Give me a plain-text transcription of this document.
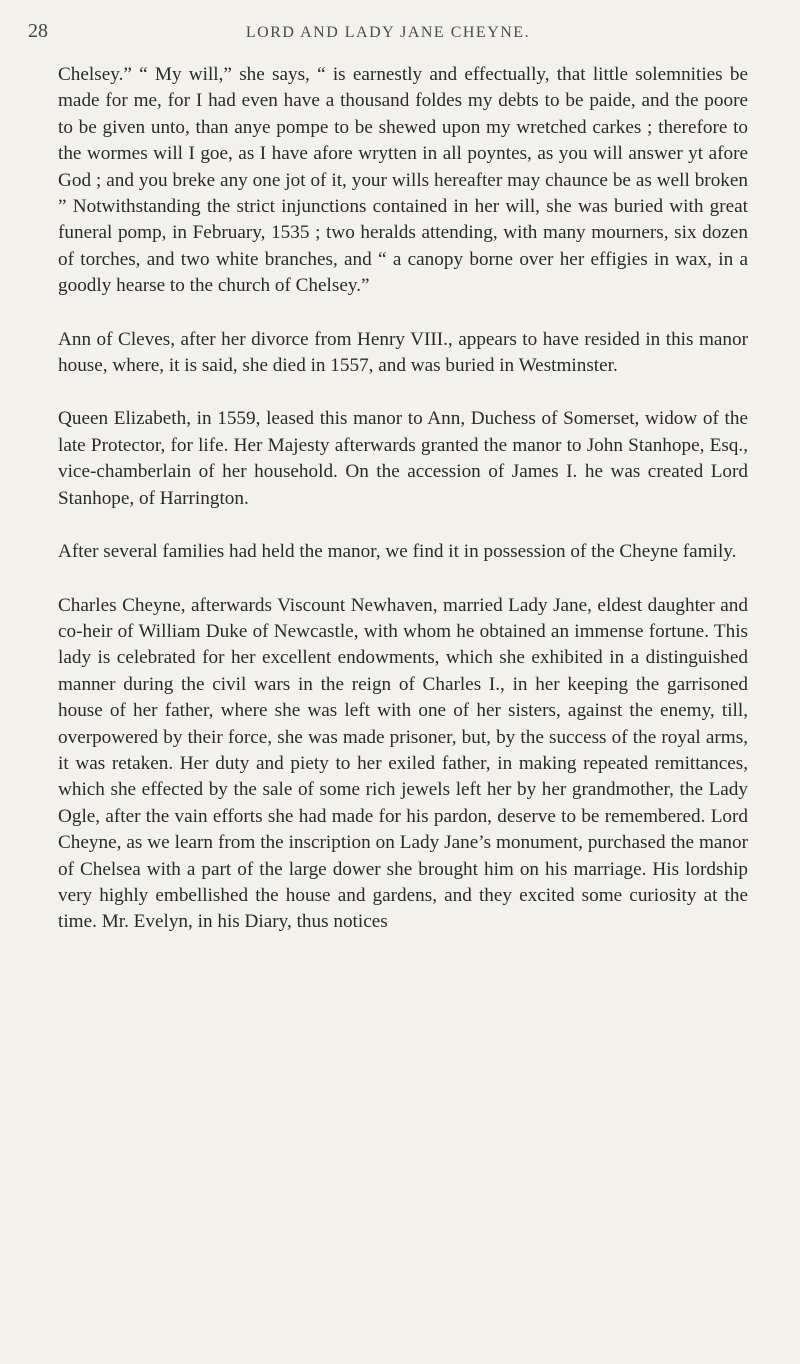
28	LORD AND LADY JANE CHEYNE.

Chelsey.” “ My will,” she says, “ is earnestly and effectually, that little solemnities be made for me, for I had even have a thousand foldes my debts to be paide, and the poore to be given unto, than anye pompe to be shewed upon my wretched carkes ; therefore to the wormes will I goe, as I have afore wrytten in all poyntes, as you will answer yt afore God ; and you breke any one jot of it, your wills hereafter may chaunce be as well broken ” Notwithstanding the strict injunctions contained in her will, she was buried with great funeral pomp, in February, 1535 ; two heralds attending, with many mourners, six dozen of torches, and two white branches, and “ a canopy borne over her effigies in wax, in a goodly hearse to the church of Chelsey.”

Ann of Cleves, after her divorce from Henry VIII., appears to have resided in this manor house, where, it is said, she died in 1557, and was buried in Westminster.

Queen Elizabeth, in 1559, leased this manor to Ann, Duchess of Somerset, widow of the late Protector, for life. Her Majesty afterwards granted the manor to John Stanhope, Esq., vice-chamberlain of her household. On the accession of James I. he was created Lord Stanhope, of Harrington.

After several families had held the manor, we find it in possession of the Cheyne family.

Charles Cheyne, afterwards Viscount Newhaven, married Lady Jane, eldest daughter and co-heir of William Duke of Newcastle, with whom he obtained an immense fortune. This lady is celebrated for her excellent endowments, which she exhibited in a distinguished manner during the civil wars in the reign of Charles I., in her keeping the garrisoned house of her father, where she was left with one of her sisters, against the enemy, till, overpowered by their force, she was made prisoner, but, by the success of the royal arms, it was retaken. Her duty and piety to her exiled father, in making repeated remittances, which she effected by the sale of some rich jewels left her by her grandmother, the Lady Ogle, after the vain efforts she had made for his pardon, deserve to be remembered. Lord Cheyne, as we learn from the inscription on Lady Jane’s monument, purchased the manor of Chelsea with a part of the large dower she brought him on his marriage. His lordship very highly embellished the house and gardens, and they excited some curiosity at the time. Mr. Evelyn, in his Diary, thus notices
